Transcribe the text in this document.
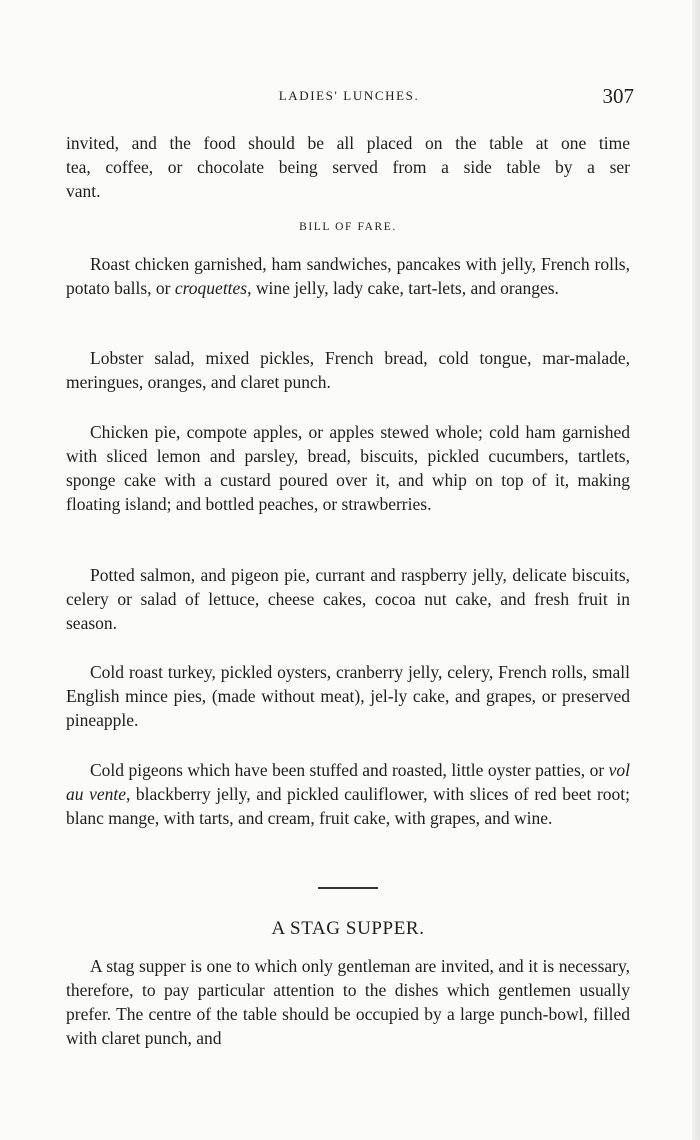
LADIES' LUNCHES.	307
invited, and the food should be all placed on the table at one time
tea, coffee, or chocolate being served from a side table by a ser
vant.
BILL OF FARE.

Roast chicken garnished, ham sandwiches, pancakes with jelly, French rolls, potato balls, or croquettes, wine jelly, lady cake, tart-lets, and oranges.

Lobster salad, mixed pickles, French bread, cold tongue, mar-malade, meringues, oranges, and claret punch.

Chicken pie, compote apples, or apples stewed whole; cold ham garnished with sliced lemon and parsley, bread, biscuits, pickled cucumbers, tartlets, sponge cake with a custard poured over it, and whip on top of it, making floating island; and bottled peaches, or strawberries.

Potted salmon, and pigeon pie, currant and raspberry jelly, delicate biscuits, celery or salad of lettuce, cheese cakes, cocoa nut cake, and fresh fruit in season.

Cold roast turkey, pickled oysters, cranberry jelly, celery, French rolls, small English mince pies, (made without meat), jel-ly cake, and grapes, or preserved pineapple.

Cold pigeons which have been stuffed and roasted, little oyster patties, or vol au vente, blackberry jelly, and pickled cauliflower, with slices of red beet root; blanc mange, with tarts, and cream, fruit cake, with grapes, and wine.

A STAG SUPPER.

A stag supper is one to which only gentleman are invited, and it is necessary, therefore, to pay particular attention to the dishes which gentlemen usually prefer. The centre of the table should be occupied by a large punch-bowl, filled with claret punch, and
